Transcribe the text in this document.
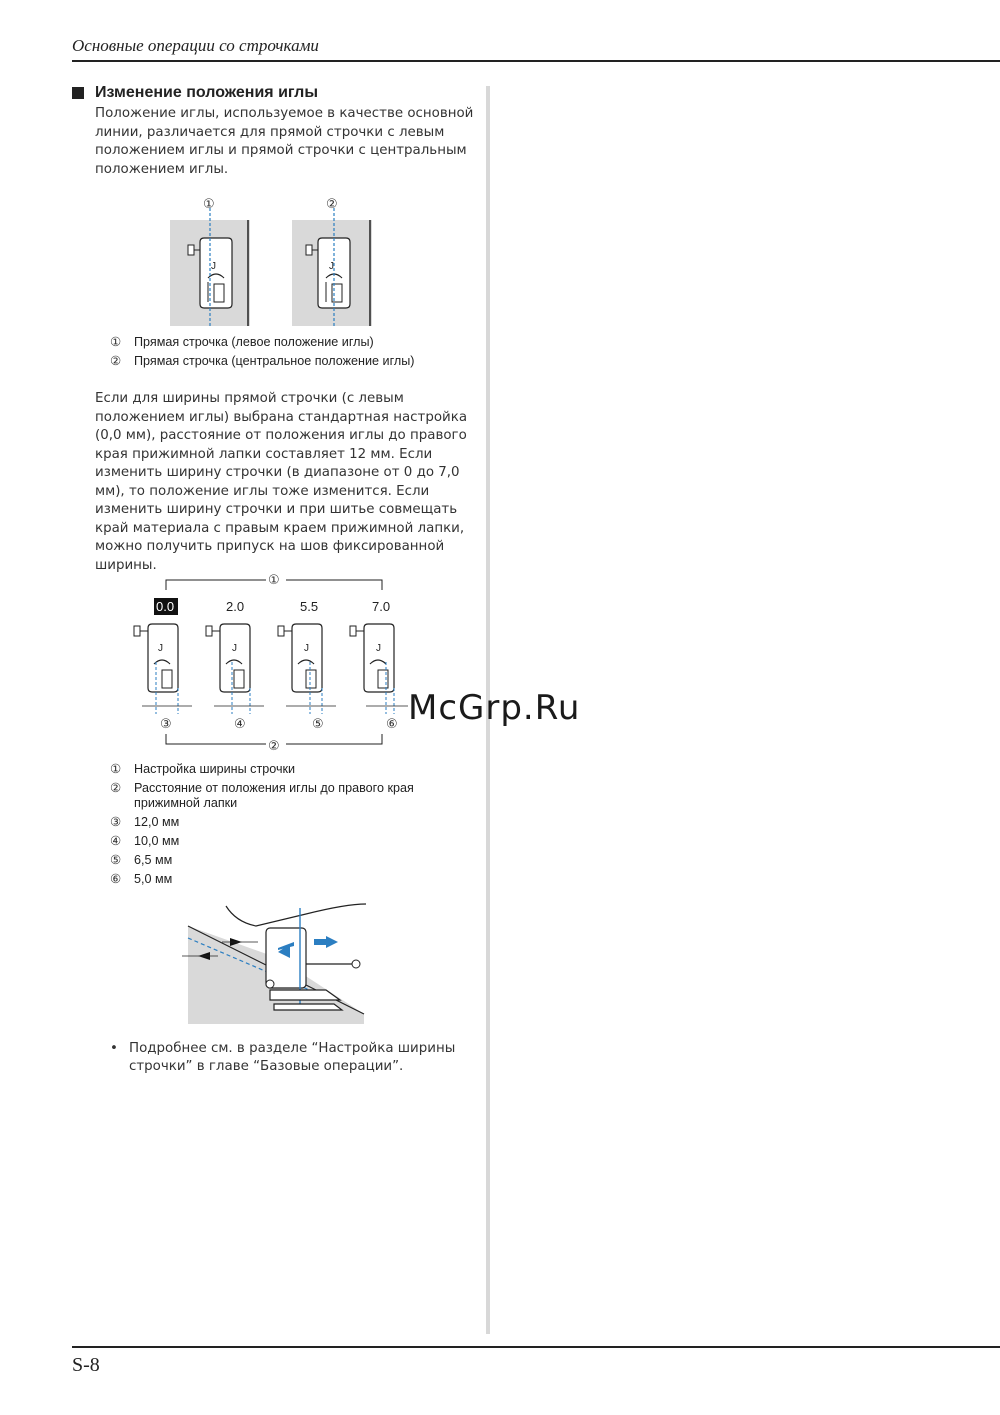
Основные операции со строчками
Изменение положения иглы

Положение иглы, используемое в качестве основной линии, различается для прямой строчки с левым положением иглы и прямой строчки с центральным положением иглы.

J
①
J
②
①	Прямая строчка (левое положение иглы)
②	Прямая строчка (центральное положение иглы)

Если для ширины прямой строчки (с левым положением иглы) выбрана стандартная настройка (0,0 мм), расстояние от положения иглы до правого края прижимной лапки составляет 12 мм. Если изменить ширину строчки (в диапазоне от 0 до 7,0 мм), то положение иглы тоже изменится. Если изменить ширину строчки и при шитье совмещать край материала с правым краем прижимной лапки, можно получить припуск на шов фиксированной ширины.

①
0.0	2.0	5.5	7.0
J	J	J	J
③	④	⑤	⑥
②
①	Настройка ширины строчки
②	Расстояние от положения иглы до правого края прижимной лапки
③	12,0 мм
④	10,0 мм
⑤	6,5 мм
⑥	5,0 мм
• Подробнее см. в разделе “Настройка ширины строчки” в главе “Базовые операции”.
McGrp.Ru
S-8
